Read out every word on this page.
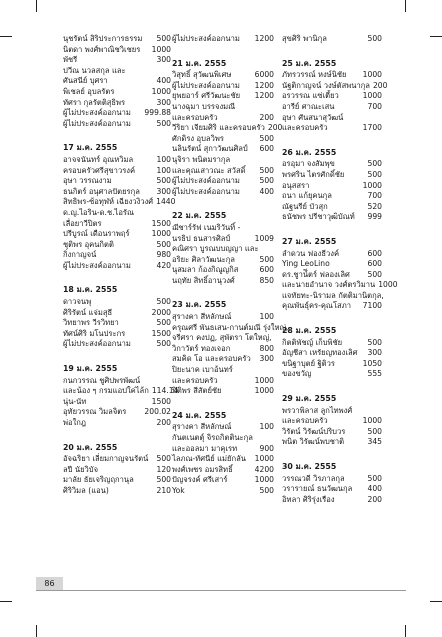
นุชรัตน์ สิริประการธรรม	500
นิตดา พงศ์พาณิชวิเชยร	1000
พัชรี	300
ปวีณ นวลสกุล และ
ศันสนีย์ บุศรา	400
พิเชลย์ อุบลรัตร	1000
ทัศรา กุลรัตติสุธิพร	300
ผู้ไม่ประสงค์ออกนาม	999.88
ผู้ไม่ประสงค์ออกนาม	500
17 ม.ค. 2555
อาจจนันทร์ อุณหวิมล	100
ครอบครัวศรีสุขาวรงค์	100
อุษา วรรณงาม	500
ธนกิตร์ อนุศาลปัตยรกุล	300
สิทธิพร-ซ้อทุฬห์ เฉียงวงิวงศ์ 1440
ด.ญ.ไอริน-ด.ช.ไอรัณ
เลื่อยาวีปิตร	1500
ปรีบูรณ์ เดือนราพฤร์	1000
ชุติพร อุคนกิตติ	500
กิ่งกาญจน์	980
ผู้ไม่ประสงค์ออกนาม	420
18 ม.ค. 2555
ดาวจนพุ	500
ศิริรัตน์ แจ่มสุธี	2000
วิทยาพร วีรวิทยา	500
ทัศน์ศิริ มโนประกร	1500
ผู้ไม่ประสงค์ออกนาม	500
19 ม.ค. 2555
กนกวรรณ ชูศิปพรพัฒน์
และน้อง ๆ กรมแอปใค่ไล้ก 114.14
นุ่น-นัท	1500
อุทัยวรรณ วิมลจิตร	200.02
พ่อใกฎ	200
20 ม.ค. 2555
อัจฉริยา เลี่ยมกาญจนรัตน์	500
ลปี นัยวิบัจ	120
มาลัย ธัยเจริญฤกานุล	500
ศิริวิมล (แอน)	210
ผู้ไม่ประสงค์ออกนาม	1200
21 ม.ค. 2555
วิสุทธิ์ สุวัฒนพิเศษ	6000
ผู้ไม่ประสงค์ออกนาม	1200
ยุพยอาร์ ศรีวัฒนะชัย	1200
นางฉุมา บรรจงมณี
และครอบครัว	200
วีริยา เจียมศิริ และครอบครัว 200
ศักดิรง อุบลวิพร	500
นลินรัตน์ สุกาวัฒนศิลป์	600
นุจิรา พนิตมรากุล
และคุณเสาวณะ สวัสดิ์	500
ผู้ไม่ประสงค์ออกนาม	500
ผู้ไม่ประสงค์ออกนาม	400
22 ม.ค. 2555
ฌีชาร์รัฟ เนมริวันทิ์ -
นรธิป ธนสารศิลป์	1009
คณิศรา บูรณบบญญา และ
อริยะ ศิลาวัฒนะกุล	500
นุสมลา ก้องกิณูญกิส	600
นฤทัย สิทธิ์อานุวงศ์	850
23 ม.ค. 2555
สุรางคา สีหลักษณ์	100
ครุณศรี พันธเสน-กานต์มณี รุ่งใหญ่,
จรีศรา คงปฏ, สุพัตรา โตใหญ่,
วิกาวัตร์ ทองเจอก	800
สมคิด โอ และครอบครัว	300
ปิยะนาค เบาอ้นทร์
และครอบครัว	1000
ปิติพร สีสัตย์ชัย	1000
24 ม.ค. 2555
สุรางคา สีหลักษณ์	100
กันตเนตตุ์ จิรถกิตตินะกุล
และออลมา มาคุเรท	900
ไลภณ-ทัศนีย์ แม่ยักลัน	1000
พงศ์เพชร อมรสิทธิ์	4200
ปัญจรงค์ ศรีเสาร์	1000
Yok	500
สุขศิริ พานิกุล	500
25 ม.ค. 2555
ภัทรวรรณ์ หงษ์นิชัย	1000
นัฐติกาญจน์ วงษ์ตัสพนากุล 200
อรวรรณ แซ่เตี้ยว	1000
อารีย์ ศาณะเสน	700
อุษา ศันสนาสุวัฒน์
และครอบครัว	1700
26 ม.ค. 2555
อรอุมา จงสัมพุข	500
พรศริน ไตรศักดิ์ชัย	500
อนุสสรา	1000
ถนา แก้ยุคนกุล	700
ณัฐนรีย์ บัวสุก	520
ธนัชพร ปรีชาวุฒิบัณท์	999
27 ม.ค. 2555
ลำดวน ฟองธีวงค์	600
Ying LeoLino	600
ดร.ชูาน์ีตร์ ฟลองเลิศ	500
และนายอำนาจ วงศ์ตรวิมาน 1000
แจทัยทะ-นิรามล กัตติมานิตกุล,
คุณพันธุ์คร-คุณโสภา	7100
28 ม.ค. 2555
กิตติพัชญ์ เก็บพิชัย	500
อัญชีสา เหรัยญทองเลิศ	300
ขนิฐาบุตย์ ฐิติวร	1050
ของขวัญ	555
29 ม.ค. 2555
พรวาพิลาส ลูกไทพงศ์
และครอบครัว	1000
วิรัตน์ วิรัฒน์ปริบวร	500
พนิต วิรัฒน์พบชาติ	345
30 ม.ค. 2555
วรรณวดี วิรภาลกุล	500
วรารายณ์ ธนวัฒนกุล	400
อิทลา ศิริรุ่งเรือง	200
86
